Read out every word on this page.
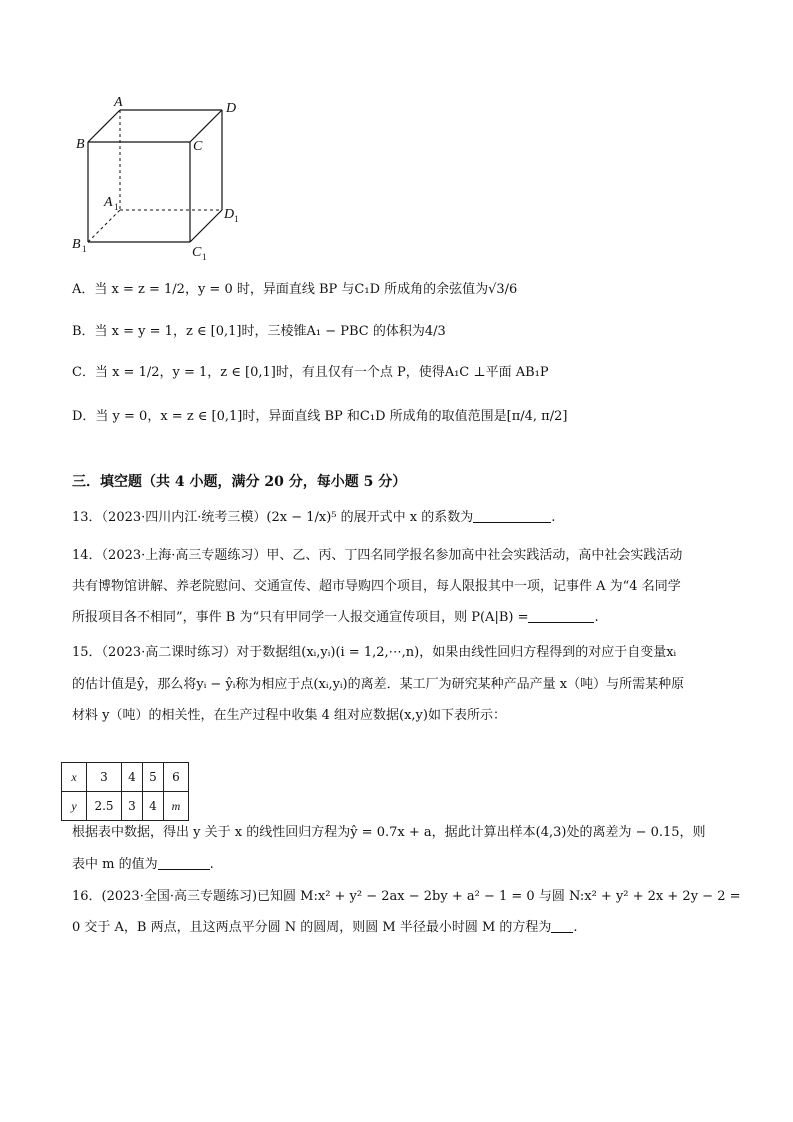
A	D
B	C
A 1	D 1
B 1	C 1
A．当 x = z = 1/2，y = 0 时，异面直线 BP 与C₁D 所成角的余弦值为√3/6
B．当 x = y = 1，z ∈ [0,1]时，三棱锥A₁ − PBC 的体积为4/3
C．当 x = 1/2，y = 1，z ∈ [0,1]时，有且仅有一个点 P，使得A₁C ⊥平面 AB₁P
D．当 y = 0，x = z ∈ [0,1]时，异面直线 BP 和C₁D 所成角的取值范围是[π/4, π/2]
三．填空题（共 4 小题，满分 20 分，每小题 5 分）
13．（2023·四川内江·统考三模）(2x − 1/x)⁵ 的展开式中 x 的系数为	.
14．（2023·上海·高三专题练习）甲、乙、丙、丁四名同学报名参加高中社会实践活动，高中社会实践活动
共有博物馆讲解、养老院慰问、交通宣传、超市导购四个项目，每人限报其中一项，记事件 A 为“4 名同学
所报项目各不相同”，事件 B 为“只有甲同学一人报交通宣传项目，则 P(A|B) =	.
15．（2023·高二课时练习）对于数据组(xᵢ,yᵢ)(i = 1,2,⋯,n)，如果由线性回归方程得到的对应于自变量xᵢ
的估计值是ŷ，那么将yᵢ − ŷᵢ称为相应于点(xᵢ,yᵢ)的离差．某工厂为研究某种产品产量 x（吨）与所需某种原
材料 y（吨）的相关性，在生产过程中收集 4 组对应数据(x,y)如下表所示：
x	3	4	5	6
y	2.5	3	4	m
根据表中数据，得出 y 关于 x 的线性回归方程为ŷ = 0.7x + a，据此计算出样本(4,3)处的离差为 − 0.15，则
表中 m 的值为	.
16．(2023·全国·高三专题练习)已知圆 M:x² + y² − 2ax − 2by + a² − 1 = 0 与圆 N:x² + y² + 2x + 2y − 2 =
0 交于 A，B 两点，且这两点平分圆 N 的圆周，则圆 M 半径最小时圆 M 的方程为 .
